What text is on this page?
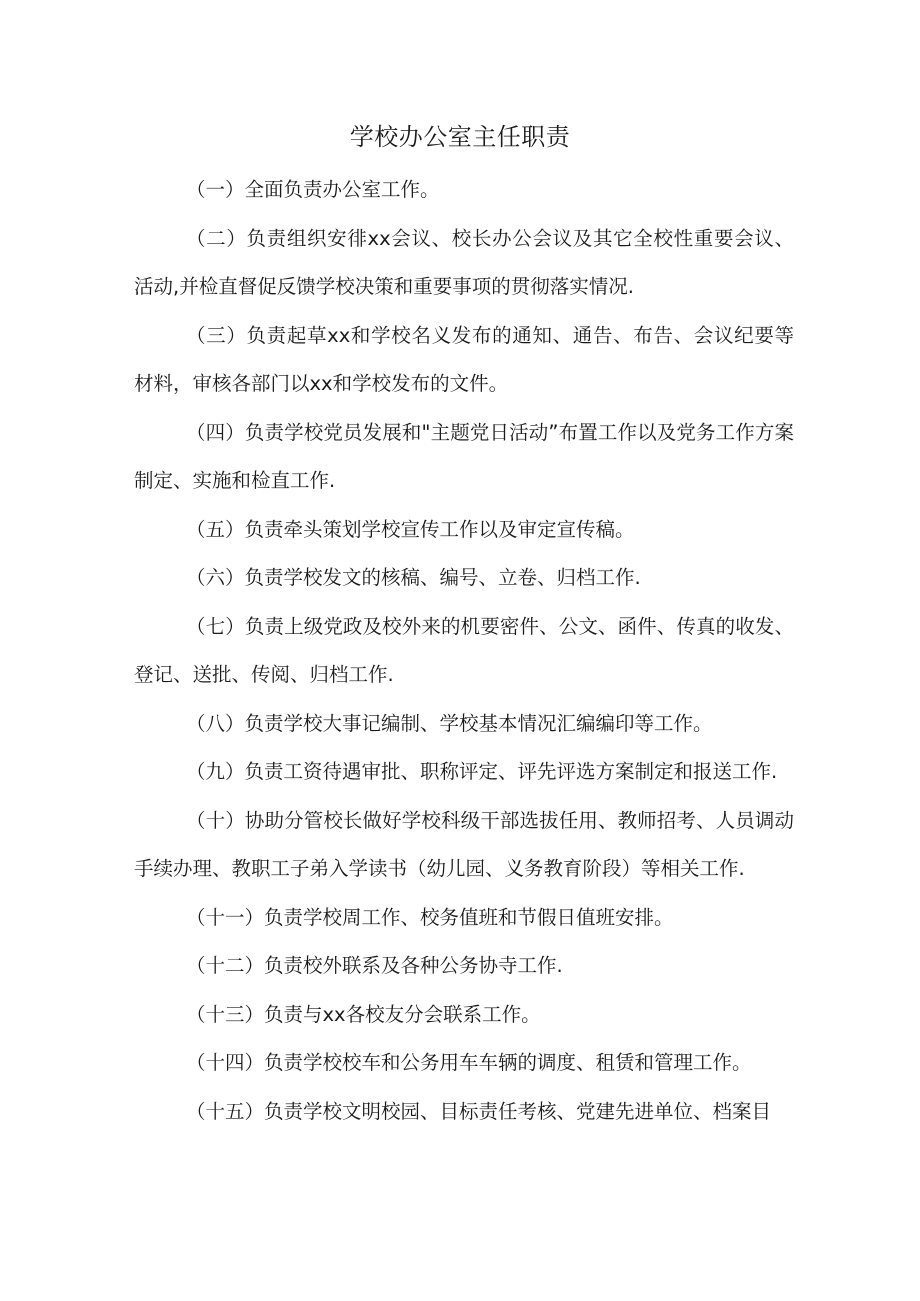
学校办公室主任职责

（一）全面负责办公室工作。

（二）负责组织安徘xx会议、校长办公会议及其它全校性重要会议、活动,并检直督促反馈学校决策和重要事项的贯彻落实情况.

（三）负责起草xx和学校名义发布的通知、通告、布告、会议纪要等材料，审核各部门以xx和学校发布的文件。

（四）负责学校党员发展和"主题党日活动”布置工作以及党务工作方案制定、实施和检直工作.

（五）负责牵头策划学校宣传工作以及审定宣传稿。

（六）负责学校发文的核稿、编号、立卷、归档工作.

（七）负责上级党政及校外来的机要密件、公文、函件、传真的收发、登记、送批、传阅、归档工作.

（八）负责学校大事记编制、学校基本情况汇编编印等工作。

（九）负责工资待遇审批、职称评定、评先评选方案制定和报送工作.

（十）协助分管校长做好学校科级干部选拔任用、教师招考、人员调动手续办理、教职工子弟入学读书（幼儿园、义务教育阶段）等相关工作.

（十一）负责学校周工作、校务值班和节假日值班安排。

（十二）负责校外联系及各种公务协寺工作.

（十三）负责与xx各校友分会联系工作。

（十四）负责学校校车和公务用车车辆的调度、租赁和管理工作。

（十五）负责学校文明校园、目标责任考核、党建先进单位、档案目
